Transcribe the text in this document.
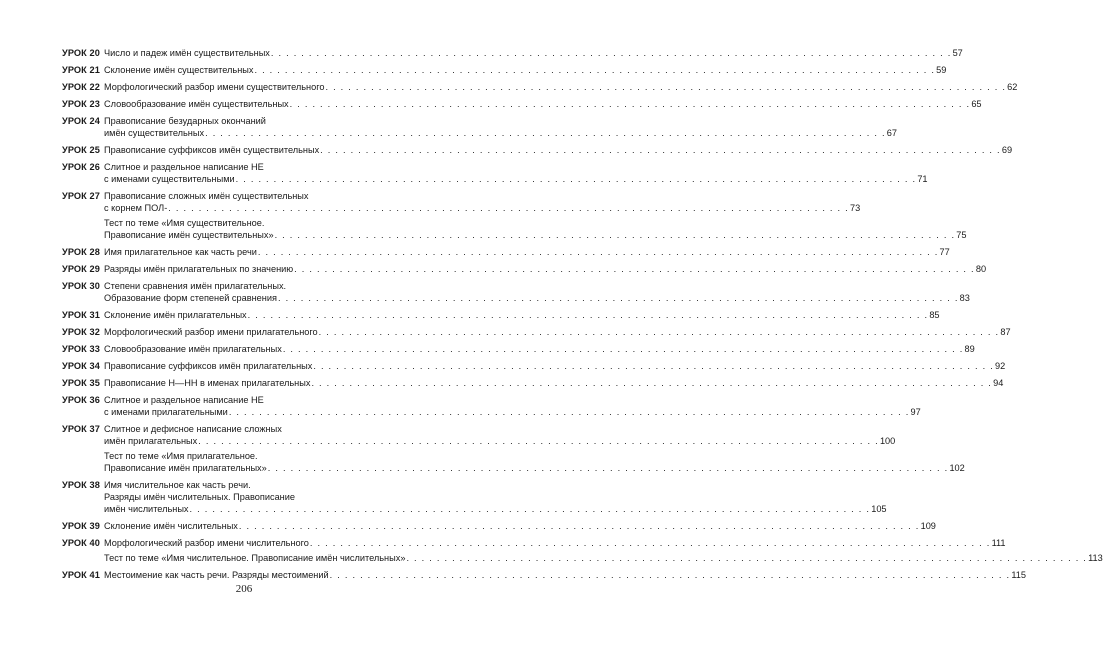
УРОК 20 Число и падеж имён существительных . . . . . . . . . . . . . . . . . . . . . . . . . . . . . . . . . . . . . . . . . . . . . . . . . . . . . . . . . . . . . . . . . . . . . . . . . . . . . . . . . . . . . . . . . . 57
УРОК 21 Склонение имён существительных . . . . . . . . . . . . . . . . . . . . . . . . . . . . . . . . . . . . . . . . . . . . . . . . . . . . . . . . . . . . . . . . . . . . . . . . . . . . . . . . . . . . . . . . . . 59
УРОК 22 Морфологический разбор имени существительного . . . . . . . . . . . . . . . . . . . . . . . . . . . . . . . . . . . . . . . . . . . . . . . . . . . . . . . . . . . . . . . . . . . . . . . . . . . . . . . . . . . . . . . . . . 62
УРОК 23 Словообразование имён существительных . . . . . . . . . . . . . . . . . . . . . . . . . . . . . . . . . . . . . . . . . . . . . . . . . . . . . . . . . . . . . . . . . . . . . . . . . . . . . . . . . . . . . . . . . . 65
УРОК 24 Правописание безударных окончаний
имён существительных . . . . . . . . . . . . . . . . . . . . . . . . . . . . . . . . . . . . . . . . . . . . . . . . . . . . . . . . . . . . . . . . . . . . . . . . . . . . . . . . . . . . . . . . . . 67
УРОК 25 Правописание суффиксов имён существительных . . . . . . . . . . . . . . . . . . . . . . . . . . . . . . . . . . . . . . . . . . . . . . . . . . . . . . . . . . . . . . . . . . . . . . . . . . . . . . . . . . . . . . . . . . 69
УРОК 26 Слитное и раздельное написание НЕ
с именами существительными . . . . . . . . . . . . . . . . . . . . . . . . . . . . . . . . . . . . . . . . . . . . . . . . . . . . . . . . . . . . . . . . . . . . . . . . . . . . . . . . . . . . . . . . . . 71
УРОК 27 Правописание сложных имён существительных
с корнем ПОЛ- . . . . . . . . . . . . . . . . . . . . . . . . . . . . . . . . . . . . . . . . . . . . . . . . . . . . . . . . . . . . . . . . . . . . . . . . . . . . . . . . . . . . . . . . . . 73
Тест по теме «Имя существительное.
Правописание имён существительных» . . . . . . . . . . . . . . . . . . . . . . . . . . . . . . . . . . . . . . . . . . . . . . . . . . . . . . . . . . . . . . . . . . . . . . . . . . . . . . . . . . . . . . . . . . 75
УРОК 28 Имя прилагательное как часть речи . . . . . . . . . . . . . . . . . . . . . . . . . . . . . . . . . . . . . . . . . . . . . . . . . . . . . . . . . . . . . . . . . . . . . . . . . . . . . . . . . . . . . . . . . . 77
УРОК 29 Разряды имён прилагательных по значению . . . . . . . . . . . . . . . . . . . . . . . . . . . . . . . . . . . . . . . . . . . . . . . . . . . . . . . . . . . . . . . . . . . . . . . . . . . . . . . . . . . . . . . . . . 80
УРОК 30 Степени сравнения имён прилагательных.
Образование форм степеней сравнения . . . . . . . . . . . . . . . . . . . . . . . . . . . . . . . . . . . . . . . . . . . . . . . . . . . . . . . . . . . . . . . . . . . . . . . . . . . . . . . . . . . . . . . . . . 83
УРОК 31 Склонение имён прилагательных . . . . . . . . . . . . . . . . . . . . . . . . . . . . . . . . . . . . . . . . . . . . . . . . . . . . . . . . . . . . . . . . . . . . . . . . . . . . . . . . . . . . . . . . . . 85
УРОК 32 Морфологический разбор имени прилагательного . . . . . . . . . . . . . . . . . . . . . . . . . . . . . . . . . . . . . . . . . . . . . . . . . . . . . . . . . . . . . . . . . . . . . . . . . . . . . . . . . . . . . . . . . . 87
УРОК 33 Словообразование имён прилагательных . . . . . . . . . . . . . . . . . . . . . . . . . . . . . . . . . . . . . . . . . . . . . . . . . . . . . . . . . . . . . . . . . . . . . . . . . . . . . . . . . . . . . . . . . . 89
УРОК 34 Правописание суффиксов имён прилагательных . . . . . . . . . . . . . . . . . . . . . . . . . . . . . . . . . . . . . . . . . . . . . . . . . . . . . . . . . . . . . . . . . . . . . . . . . . . . . . . . . . . . . . . . . . 92
УРОК 35 Правописание Н—НН в именах прилагательных . . . . . . . . . . . . . . . . . . . . . . . . . . . . . . . . . . . . . . . . . . . . . . . . . . . . . . . . . . . . . . . . . . . . . . . . . . . . . . . . . . . . . . . . . . 94
УРОК 36 Слитное и раздельное написание НЕ
с именами прилагательными . . . . . . . . . . . . . . . . . . . . . . . . . . . . . . . . . . . . . . . . . . . . . . . . . . . . . . . . . . . . . . . . . . . . . . . . . . . . . . . . . . . . . . . . . . 97
УРОК 37 Слитное и дефисное написание сложных
имён прилагательных . . . . . . . . . . . . . . . . . . . . . . . . . . . . . . . . . . . . . . . . . . . . . . . . . . . . . . . . . . . . . . . . . . . . . . . . . . . . . . . . . . . . . . . . . . 100
Тест по теме «Имя прилагательное.
Правописание имён прилагательных» . . . . . . . . . . . . . . . . . . . . . . . . . . . . . . . . . . . . . . . . . . . . . . . . . . . . . . . . . . . . . . . . . . . . . . . . . . . . . . . . . . . . . . . . . . 102
УРОК 38 Имя числительное как часть речи.
Разряды имён числительных. Правописание
имён числительных . . . . . . . . . . . . . . . . . . . . . . . . . . . . . . . . . . . . . . . . . . . . . . . . . . . . . . . . . . . . . . . . . . . . . . . . . . . . . . . . . . . . . . . . . . 105
УРОК 39 Склонение имён числительных . . . . . . . . . . . . . . . . . . . . . . . . . . . . . . . . . . . . . . . . . . . . . . . . . . . . . . . . . . . . . . . . . . . . . . . . . . . . . . . . . . . . . . . . . . 109
УРОК 40 Морфологический разбор имени числительного . . . . . . . . . . . . . . . . . . . . . . . . . . . . . . . . . . . . . . . . . . . . . . . . . . . . . . . . . . . . . . . . . . . . . . . . . . . . . . . . . . . . . . . . . . 111
Тест по теме «Имя числительное. Правописание имён числительных» . . . . . . . . . . . . . . . . . . . . . . . . . . . . . . . . . . . . . . . . . . . . . . . . . . . . . . . . . . . . . . . . . . . . . . . . . . . . . . . . . . . . . . . . . . 113
УРОК 41 Местоимение как часть речи. Разряды местоимений . . . . . . . . . . . . . . . . . . . . . . . . . . . . . . . . . . . . . . . . . . . . . . . . . . . . . . . . . . . . . . . . . . . . . . . . . . . . . . . . . . . . . . . . . . 115
206
